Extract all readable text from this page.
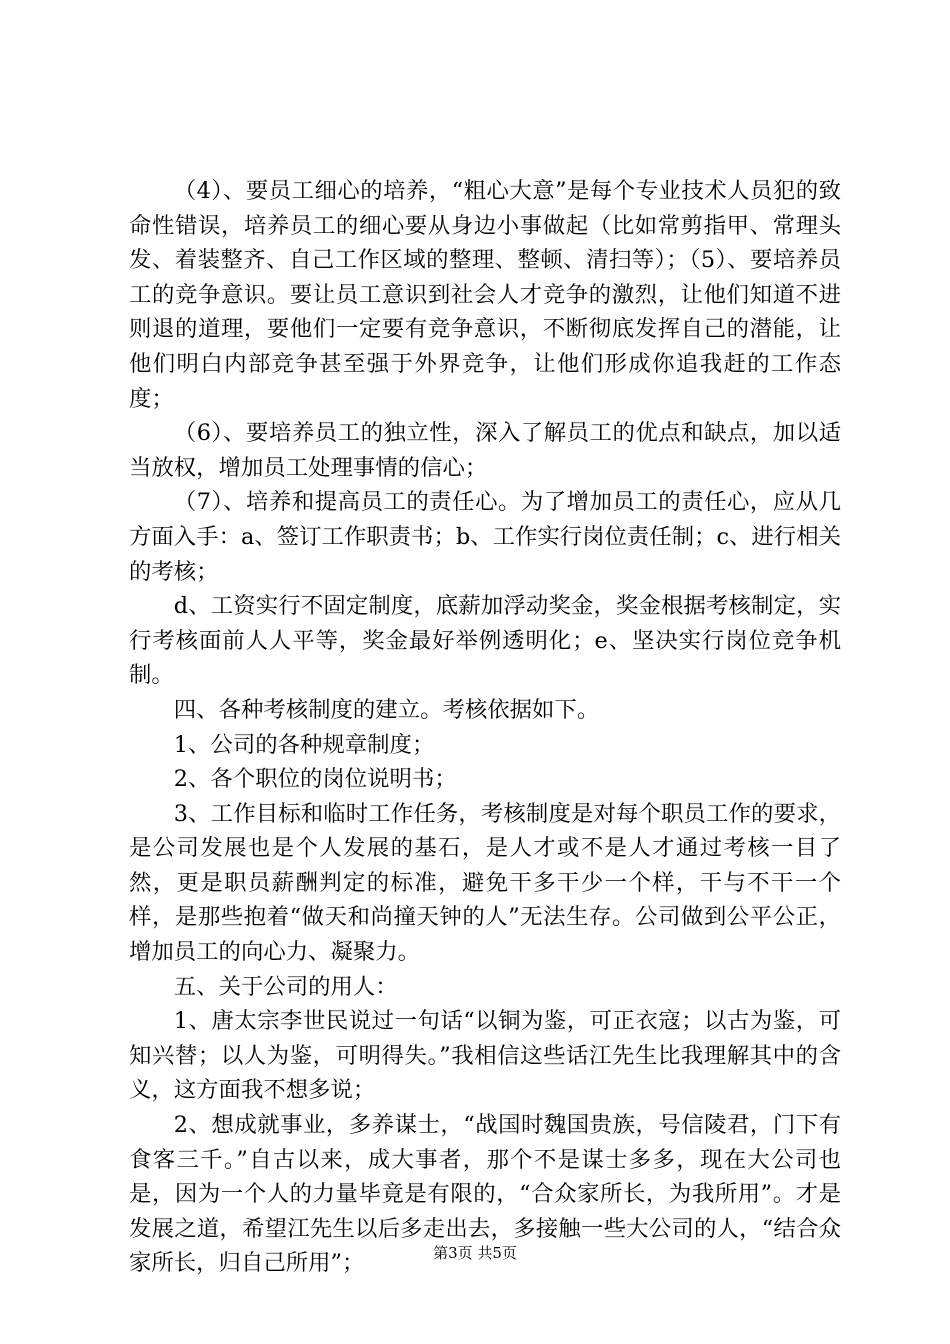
（4）、要员工细心的培养，“粗心大意”是每个专业技术人员犯的致命性错误，培养员工的细心要从身边小事做起（比如常剪指甲、常理头发、着装整齐、自己工作区域的整理、整顿、清扫等）；（5）、要培养员工的竞争意识。要让员工意识到社会人才竞争的激烈，让他们知道不进则退的道理，要他们一定要有竞争意识，不断彻底发挥自己的潜能，让他们明白内部竞争甚至强于外界竞争，让他们形成你追我赶的工作态度；

（6）、要培养员工的独立性，深入了解员工的优点和缺点，加以适当放权，增加员工处理事情的信心；

（7）、培养和提高员工的责任心。为了增加员工的责任心，应从几方面入手：a、签订工作职责书；b、工作实行岗位责任制；c、进行相关的考核；

d、工资实行不固定制度，底薪加浮动奖金，奖金根据考核制定，实行考核面前人人平等，奖金最好举例透明化；e、坚决实行岗位竞争机制。

四、各种考核制度的建立。考核依据如下。

1、公司的各种规章制度；

2、各个职位的岗位说明书；

3、工作目标和临时工作任务，考核制度是对每个职员工作的要求，是公司发展也是个人发展的基石，是人才或不是人才通过考核一目了然，更是职员薪酬判定的标准，避免干多干少一个样，干与不干一个样，是那些抱着“做天和尚撞天钟的人”无法生存。公司做到公平公正，增加员工的向心力、凝聚力。

五、关于公司的用人：

1、唐太宗李世民说过一句话“以铜为鉴，可正衣寇；以古为鉴，可知兴替；以人为鉴，可明得失。”我相信这些话江先生比我理解其中的含义，这方面我不想多说；

2、想成就事业，多养谋士，“战国时魏国贵族，号信陵君，门下有食客三千。”自古以来，成大事者，那个不是谋士多多，现在大公司也是，因为一个人的力量毕竟是有限的，“合众家所长，为我所用”。才是发展之道，希望江先生以后多走出去，多接触一些大公司的人，“结合众家所长，归自己所用”；	第3页 共5页
